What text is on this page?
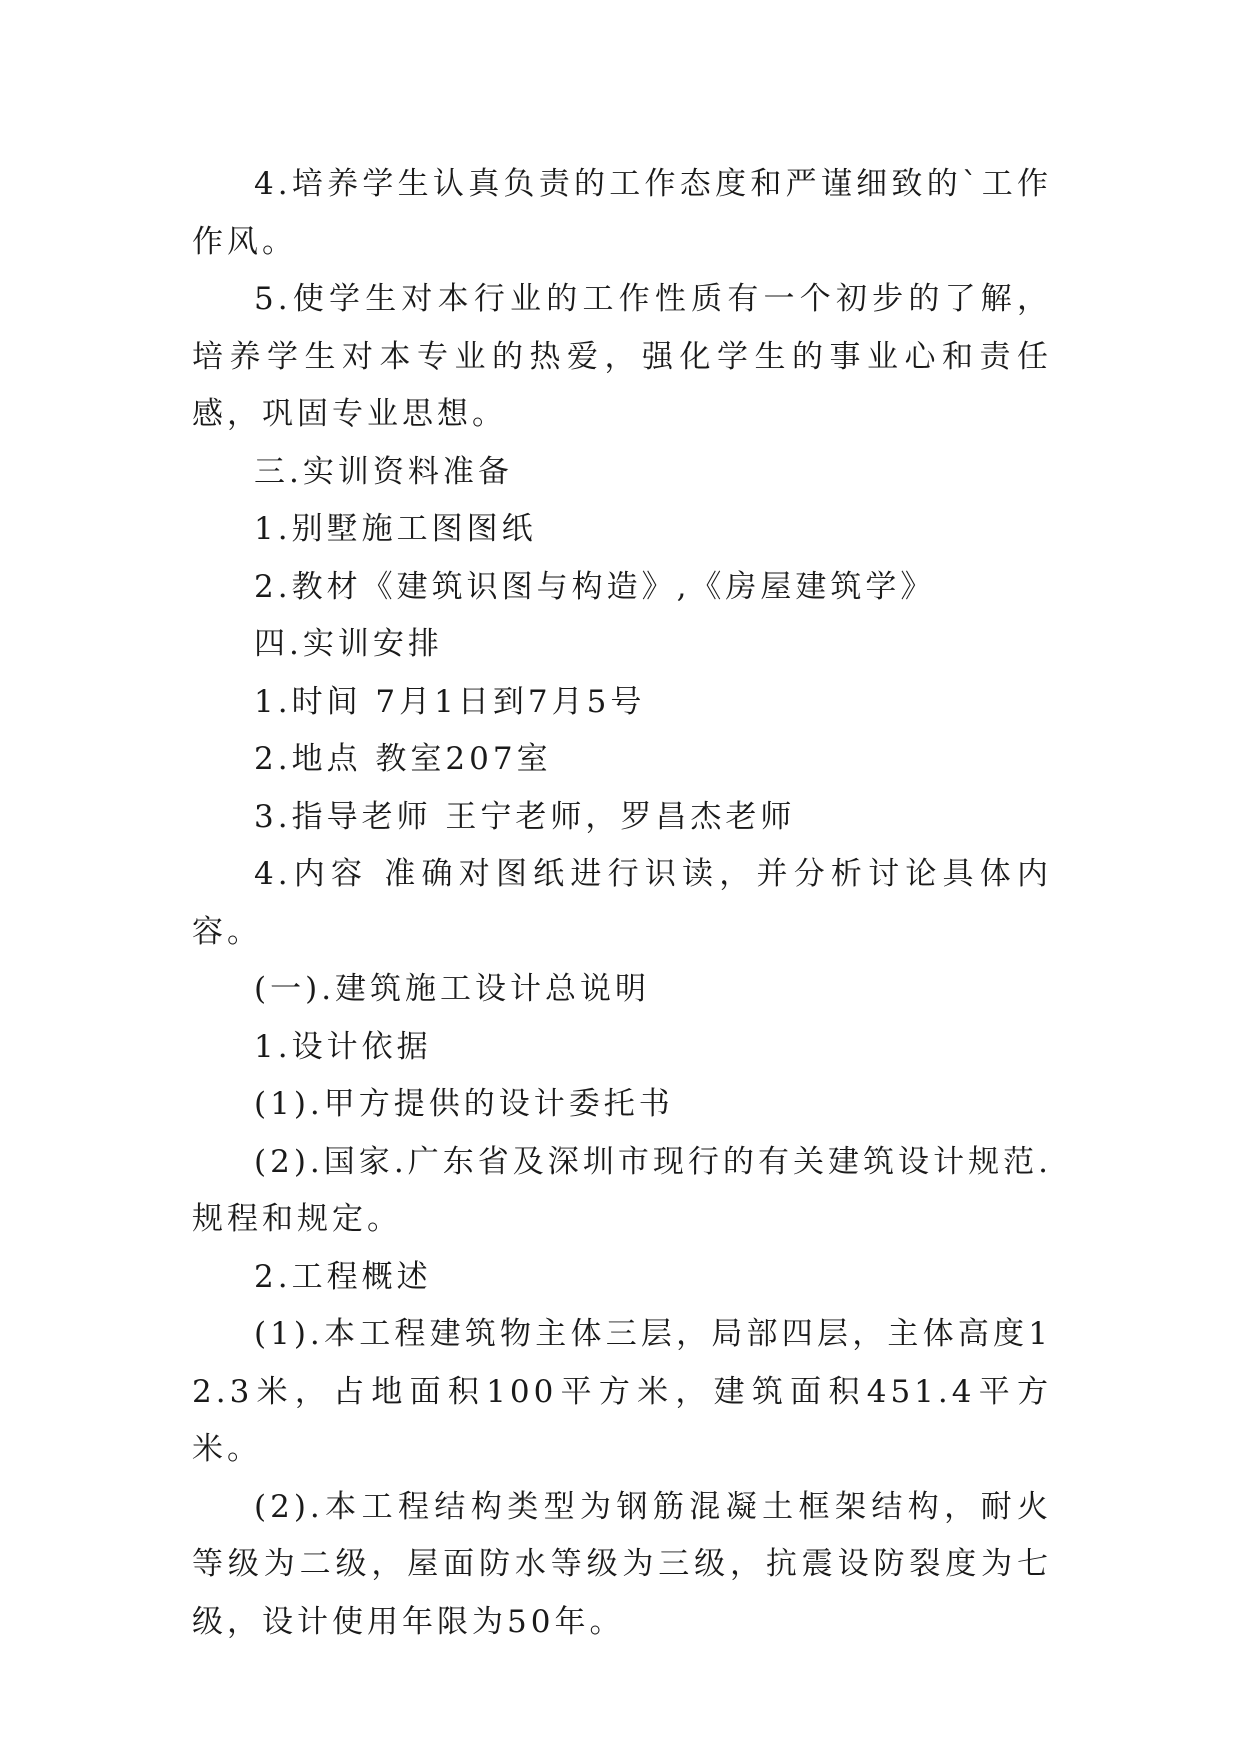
4.培养学生认真负责的工作态度和严谨细致的`工作作风。

5.使学生对本行业的工作性质有一个初步的了解，培养学生对本专业的热爱，强化学生的事业心和责任感，巩固专业思想。

三.实训资料准备

1.别墅施工图图纸

2.教材《建筑识图与构造》,《房屋建筑学》

四.实训安排

1.时间 7月1日到7月5号

2.地点 教室207室

3.指导老师 王宁老师，罗昌杰老师

4.内容 准确对图纸进行识读，并分析讨论具体内容。

(一).建筑施工设计总说明

1.设计依据

(1).甲方提供的设计委托书

(2).国家.广东省及深圳市现行的有关建筑设计规范.规程和规定。

2.工程概述

(1).本工程建筑物主体三层，局部四层，主体高度12.3米，占地面积100平方米，建筑面积451.4平方米。

(2).本工程结构类型为钢筋混凝土框架结构，耐火等级为二级，屋面防水等级为三级，抗震设防裂度为七级，设计使用年限为50年。
